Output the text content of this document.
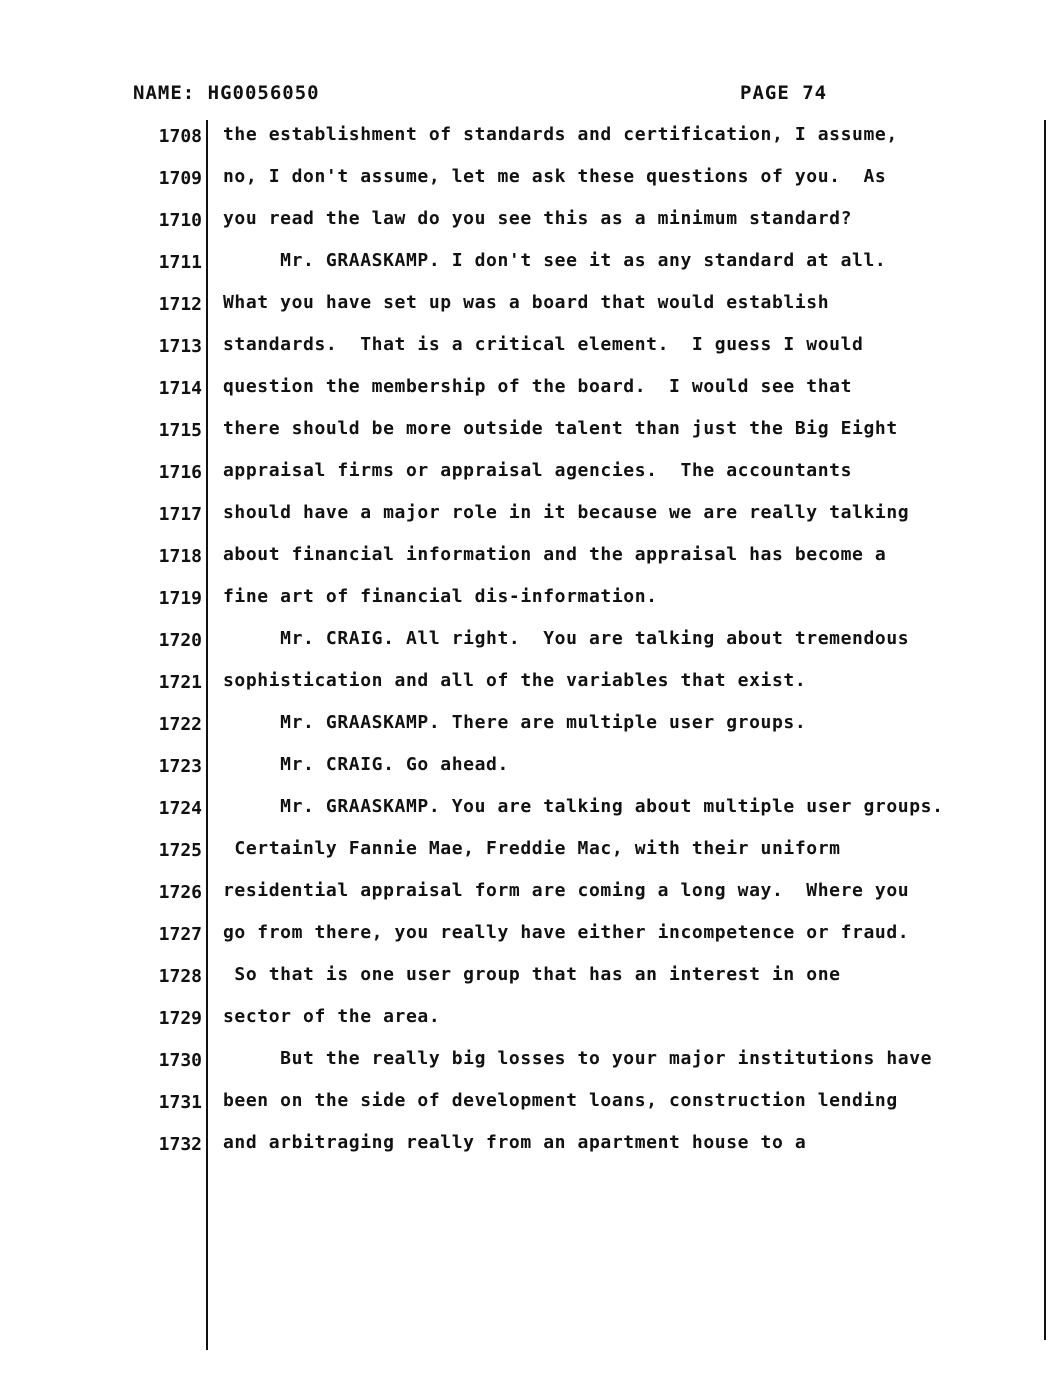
NAME: HG0056050	PAGE 74
1708 the establishment of standards and certification, I assume,
1709 no, I don't assume, let me ask these questions of you.  As
1710 you read the law do you see this as a minimum standard?
1711 Mr. GRAASKAMP. I don't see it as any standard at all.
1712 What you have set up was a board that would establish
1713 standards.  That is a critical element.  I guess I would
1714 question the membership of the board.  I would see that
1715 there should be more outside talent than just the Big Eight
1716 appraisal firms or appraisal agencies.  The accountants
1717 should have a major role in it because we are really talking
1718 about financial information and the appraisal has become a
1719 fine art of financial dis-information.
1720 Mr. CRAIG. All right.  You are talking about tremendous
1721 sophistication and all of the variables that exist.
1722 Mr. GRAASKAMP. There are multiple user groups.
1723 Mr. CRAIG. Go ahead.
1724 Mr. GRAASKAMP. You are talking about multiple user groups.
1725 Certainly Fannie Mae, Freddie Mac, with their uniform
1726 residential appraisal form are coming a long way.  Where you
1727 go from there, you really have either incompetence or fraud.
1728 So that is one user group that has an interest in one
1729 sector of the area.
1730 But the really big losses to your major institutions have
1731 been on the side of development loans, construction lending
1732 and arbitraging really from an apartment house to a
